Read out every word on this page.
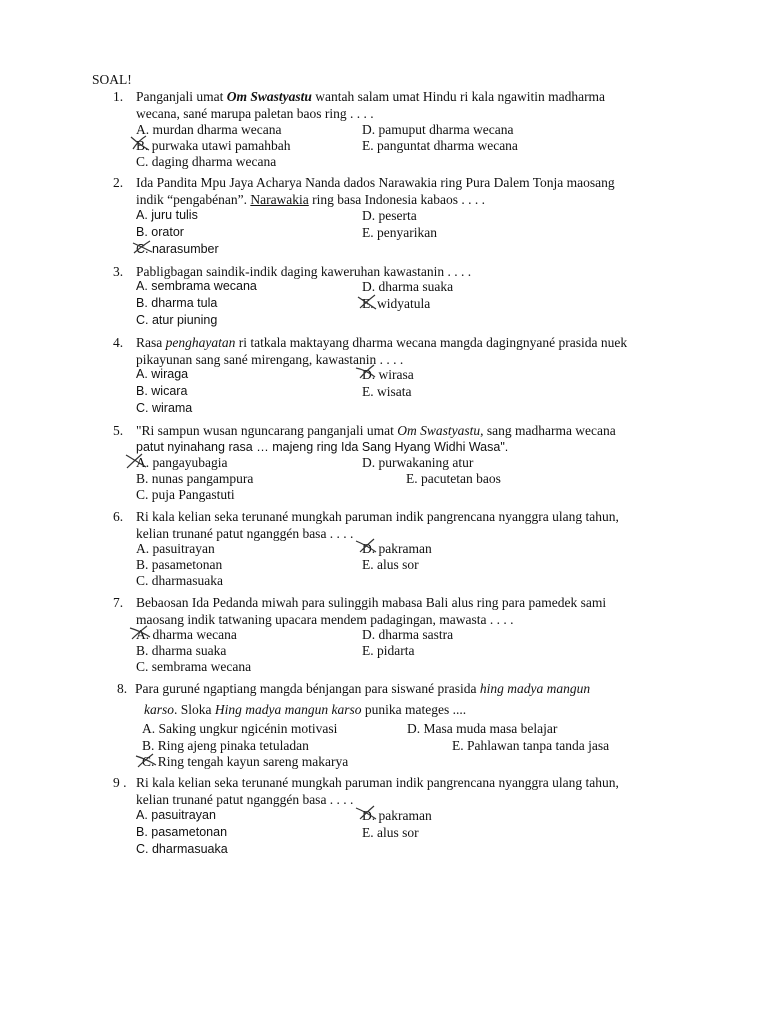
SOAL!
1. Panganjali umat Om Swastyastu wantah salam umat Hindu ri kala ngawitin madharma
wecana, sané marupa paletan baos ring . . . .
A. murdan dharma wecana
B. purwaka utawi pamahbah
C. daging dharma wecana
D. pamuput dharma wecana
E. panguntat dharma wecana
2. Ida Pandita Mpu Jaya Acharya Nanda dados Narawakia ring Pura Dalem Tonja maosang
indik “pengabénan”. Narawakia ring basa Indonesia kabaos . . . .
A. juru tulis
B. orator
C. narasumber
D. peserta
E. penyarikan
3. Pabligbagan saindik-indik daging kaweruhan kawastanin . . . .
A. sembrama wecana
B. dharma tula
C. atur piuning
D. dharma suaka
E. widyatula
4. Rasa penghayatan ri tatkala maktayang dharma wecana mangda dagingnyané prasida nuek
pikayunan sang sané mirengang, kawastanin . . . .
A. wiraga
B. wicara
C. wirama
D. wirasa
E. wisata
5. "Ri sampun wusan nguncarang panganjali umat Om Swastyastu, sang madharma wecana
patut nyinahang rasa … majeng ring Ida Sang Hyang Widhi Wasa".
A. pangayubagia
B. nunas pangampura
C. puja Pangastuti
D. purwakaning atur
E. pacutetan baos
6. Ri kala kelian seka terunané mungkah paruman indik pangrencana nyanggra ulang tahun,
kelian trunané patut nganggén basa . . . .
A. pasuitrayan
B. pasametonan
C. dharmasuaka
D. pakraman
E. alus sor
7. Bebaosan Ida Pedanda miwah para sulinggih mabasa Bali alus ring para pamedek sami
maosang indik tatwaning upacara mendem padagingan, mawasta . . . .
A. dharma wecana
B. dharma suaka
C. sembrama wecana
D. dharma sastra
E. pidarta
8. Para guruné ngaptiang mangda bénjangan para siswané prasida hing madya mangun
karso. Sloka Hing madya mangun karso punika mateges ....
A. Saking ungkur ngicénin motivasi
B. Ring ajeng pinaka tetuladan
C. Ring tengah kayun sareng makarya
D. Masa muda masa belajar
E. Pahlawan tanpa tanda jasa
9 . Ri kala kelian seka terunané mungkah paruman indik pangrencana nyanggra ulang tahun,
kelian trunané patut nganggén basa . . . .
A. pasuitrayan
B. pasametonan
C. dharmasuaka
D. pakraman
E. alus sor
